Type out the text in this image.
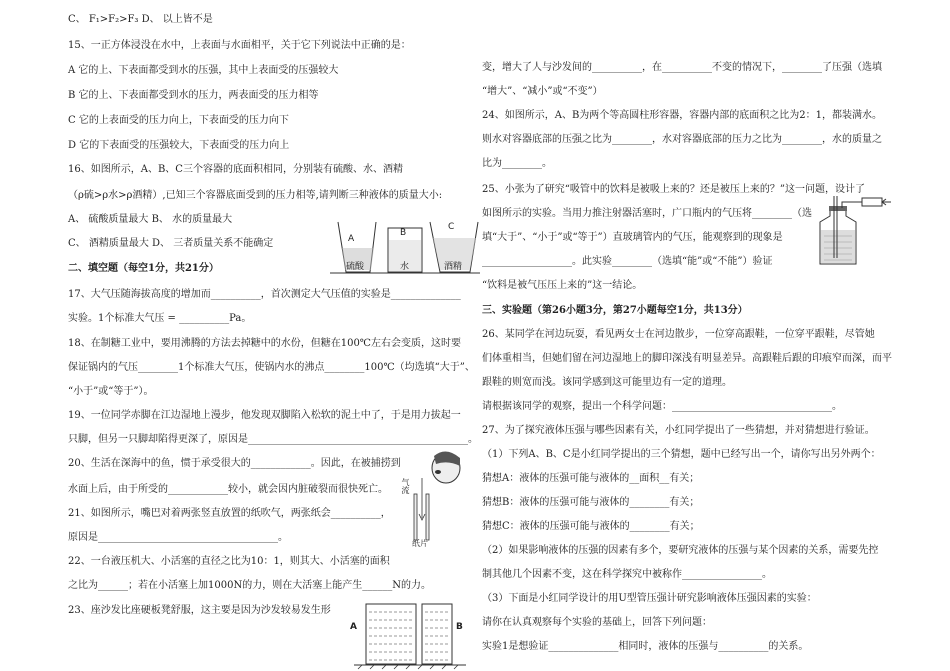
C、 F₁>F₂>F₃ D、 以上皆不是
15、一正方体浸没在水中，上表面与水面相平，关于它下列说法中正确的是：
A 它的上、下表面都受到水的压强，其中上表面受的压强较大
B 它的上、下表面都受到水的压力，两表面受的压力相等
C 它的上表面受的压力向上，下表面受的压力向下
D 它的下表面受的压强较大，下表面受的压力向上
16、如图所示，A、B、C三个容器的底面积相同，分别装有硫酸、水、酒精
（ρ硫>ρ水>ρ酒精）,已知三个容器底面受到的压力相等,请判断三种液体的质量大小:
A、 硫酸质量最大 B、 水的质量最大
C、 酒精质量最大 D、 三者质量关系不能确定
二、填空题（每空1分，共21分）
17、大气压随海拔高度的增加而__________，首次测定大气压值的实验是______________
实验。1个标准大气压 = __________Pa。
18、在制糖工业中，要用沸腾的方法去掉糖中的水份，但糖在100℃左右会变质，这时要
保证锅内的气压________1个标准大气压，使锅内水的沸点________100℃（均选填“大于”、
“小于”或“等于”）。
19、一位同学赤脚在江边湿地上漫步，他发现双脚陷入松软的泥土中了，于是用力拔起一
只脚，但另一只脚却陷得更深了，原因是____________________________________________。
20、生活在深海中的鱼，惯于承受很大的____________。因此，在被捕捞到
水面上后，由于所受的____________较小，就会因内脏破裂而很快死亡。
21、如图所示，嘴巴对着两张竖直放置的纸吹气，两张纸会__________，
原因是____________________________________。
22、一台液压机大、小活塞的直径之比为10：1，则其大、小活塞的面积
之比为______；若在小活塞上加1000N的力，则在大活塞上能产生______N的力。
23、座沙发比座硬板凳舒服，这主要是因为沙发较易发生形
A
B
C
硫酸	水	酒精
气流
纸片
变，增大了人与沙发间的__________，在__________不变的情况下，________了压强（选填
“增大”、“减小”或“不变”）
24、如图所示，A、B为两个等高圆柱形容器，容器内部的底面积之比为2：1，都装满水。
则水对容器底部的压强之比为________，水对容器底部的压力之比为________，水的质量之
比为________。
25、小张为了研究“吸管中的饮料是被吸上来的？还是被压上来的？”这一问题，设计了
如图所示的实验。当用力推注射器活塞时，广口瓶内的气压将________（选
填“大于”、“小于”或“等于”）直玻璃管内的气压，能观察到的现象是
__________________。此实验________（选填“能”或“不能”）验证
“饮料是被气压压上来的”这一结论。
三、实验题（第26小题3分，第27小题每空1分，共13分）
26、某同学在河边玩耍，看见两女士在河边散步，一位穿高跟鞋，一位穿平跟鞋，尽管她
们体重相当，但她们留在河边湿地上的脚印深浅有明显差异。高跟鞋后跟的印痕窄而深，而平
跟鞋的则宽而浅。该同学感到这可能里边有一定的道理。
请根据该同学的观察，提出一个科学问题：________________________________。
27、为了探究液体压强与哪些因素有关，小红同学提出了一些猜想，并对猜想进行验证。
（1）下列A、B、C是小红同学提出的三个猜想，题中已经写出一个，请你写出另外两个：
猜想A：液体的压强可能与液体的__面积__有关；
猜想B：液体的压强可能与液体的________有关；
猜想C：液体的压强可能与液体的________有关；
（2）如果影响液体的压强的因素有多个，要研究液体的压强与某个因素的关系，需要先控
制其他几个因素不变，这在科学探究中被称作________________。
（3）下面是小红同学设计的用U型管压强计研究影响液体压强因素的实验：
请你在认真观察每个实验的基础上，回答下列问题：
实验1是想验证______________相同时，液体的压强与__________的关系。
A	B
